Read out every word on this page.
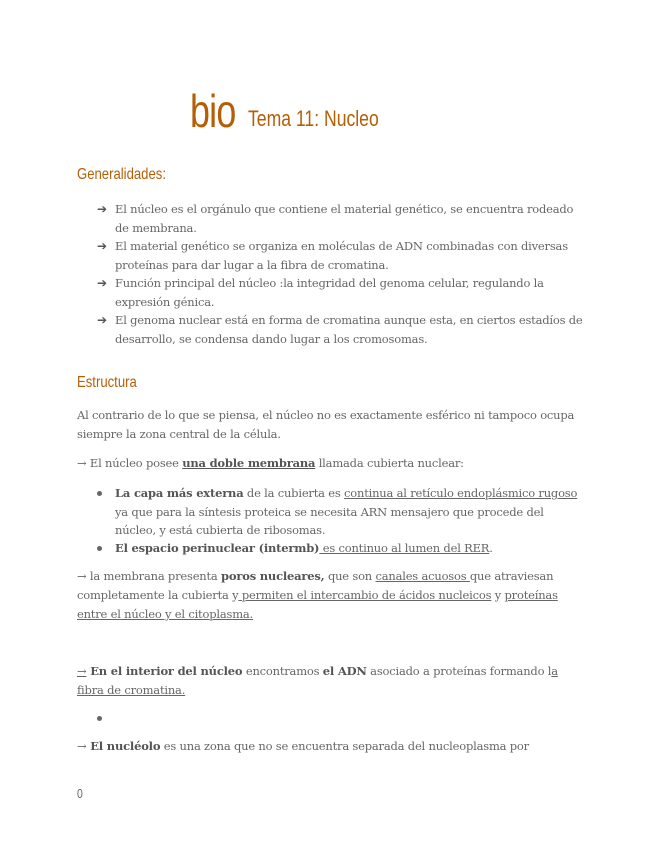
bio Tema 11: Nucleo
Generalidades:
➔ El núcleo es el orgánulo que contiene el material genético, se encuentra rodeado de membrana.
➔ El material genético se organiza en moléculas de ADN combinadas con diversas proteínas para dar lugar a la fibra de cromatina.
➔ Función principal del núcleo :la integridad del genoma celular, regulando la expresión génica.
➔ El genoma nuclear está en forma de cromatina aunque esta, en ciertos estadíos de desarrollo, se condensa dando lugar a los cromosomas.
Estructura
Al contrario de lo que se piensa, el núcleo no es exactamente esférico ni tampoco ocupa siempre la zona central de la célula.
→ El núcleo posee una doble membrana llamada cubierta nuclear:
La capa más externa de la cubierta es continua al retículo endoplásmico rugoso ya que para la síntesis proteica se necesita ARN mensajero que procede del núcleo, y está cubierta de ribosomas.
El espacio perinuclear (intermb) es continuo al lumen del RER.
→ la membrana presenta poros nucleares, que son canales acuosos que atraviesan completamente la cubierta y permiten el intercambio de ácidos nucleicos y proteínas entre el núcleo y el citoplasma.
→ En el interior del núcleo encontramos el ADN asociado a proteínas formando la fibra de cromatina.
→ El nucléolo es una zona que no se encuentra separada del nucleoplasma por
0
